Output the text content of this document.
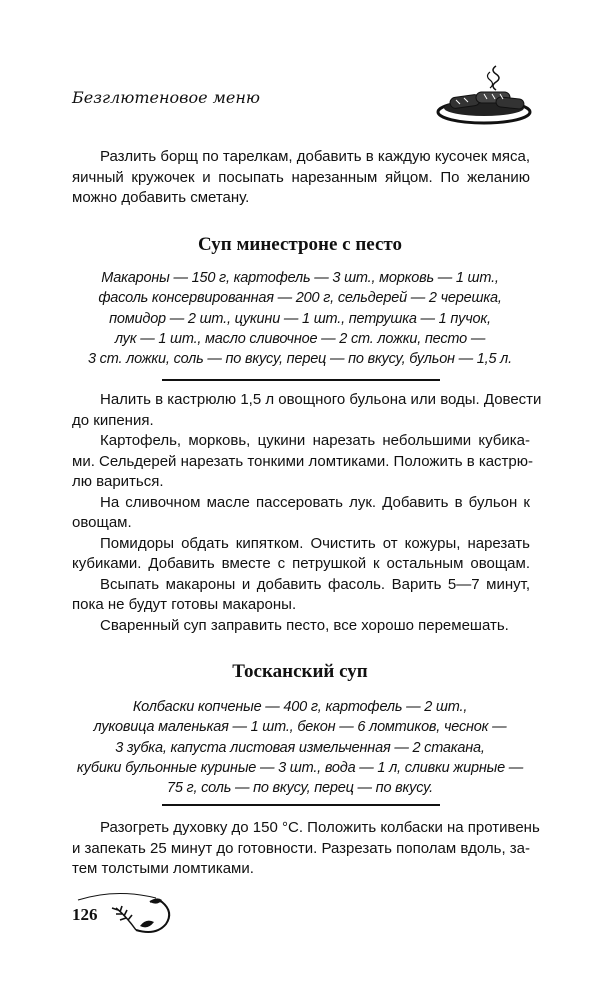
Безглютеновое меню
Разлить борщ по тарелкам, добавить в каждую кусочек мяса,
яичный кружочек и посыпать нарезанным яйцом. По желанию
можно добавить сметану.
Суп минестроне с песто
Макароны — 150 г, картофель — 3 шт., морковь — 1 шт.,
фасоль консервированная — 200 г, сельдерей — 2 черешка,
помидор — 2 шт., цукини — 1 шт., петрушка — 1 пучок,
лук — 1 шт., масло сливочное — 2 ст. ложки, песто —
3 ст. ложки, соль — по вкусу, перец — по вкусу, бульон — 1,5 л.
Налить в кастрюлю 1,5 л овощного бульона или воды. Довести
до кипения.
Картофель, морковь, цукини нарезать небольшими кубика-
ми. Сельдерей нарезать тонкими ломтиками. Положить в кастрю-
лю вариться.
На сливочном масле пассеровать лук. Добавить в бульон к
овощам.
Помидоры обдать кипятком. Очистить от кожуры, нарезать
кубиками. Добавить вместе с петрушкой к остальным овощам.
Всыпать макароны и добавить фасоль. Варить 5—7 минут,
пока не будут готовы макароны.
Сваренный суп заправить песто, все хорошо перемешать.
Тосканский суп
Колбаски копченые — 400 г, картофель — 2 шт.,
луковица маленькая — 1 шт., бекон — 6 ломтиков, чеснок —
3 зубка, капуста листовая измельченная — 2 стакана,
кубики бульонные куриные — 3 шт., вода — 1 л, сливки жирные —
75 г, соль — по вкусу, перец — по вкусу.
Разогреть духовку до 150 °С. Положить колбаски на противень
и запекать 25 минут до готовности. Разрезать пополам вдоль, за-
тем толстыми ломтиками.
126
